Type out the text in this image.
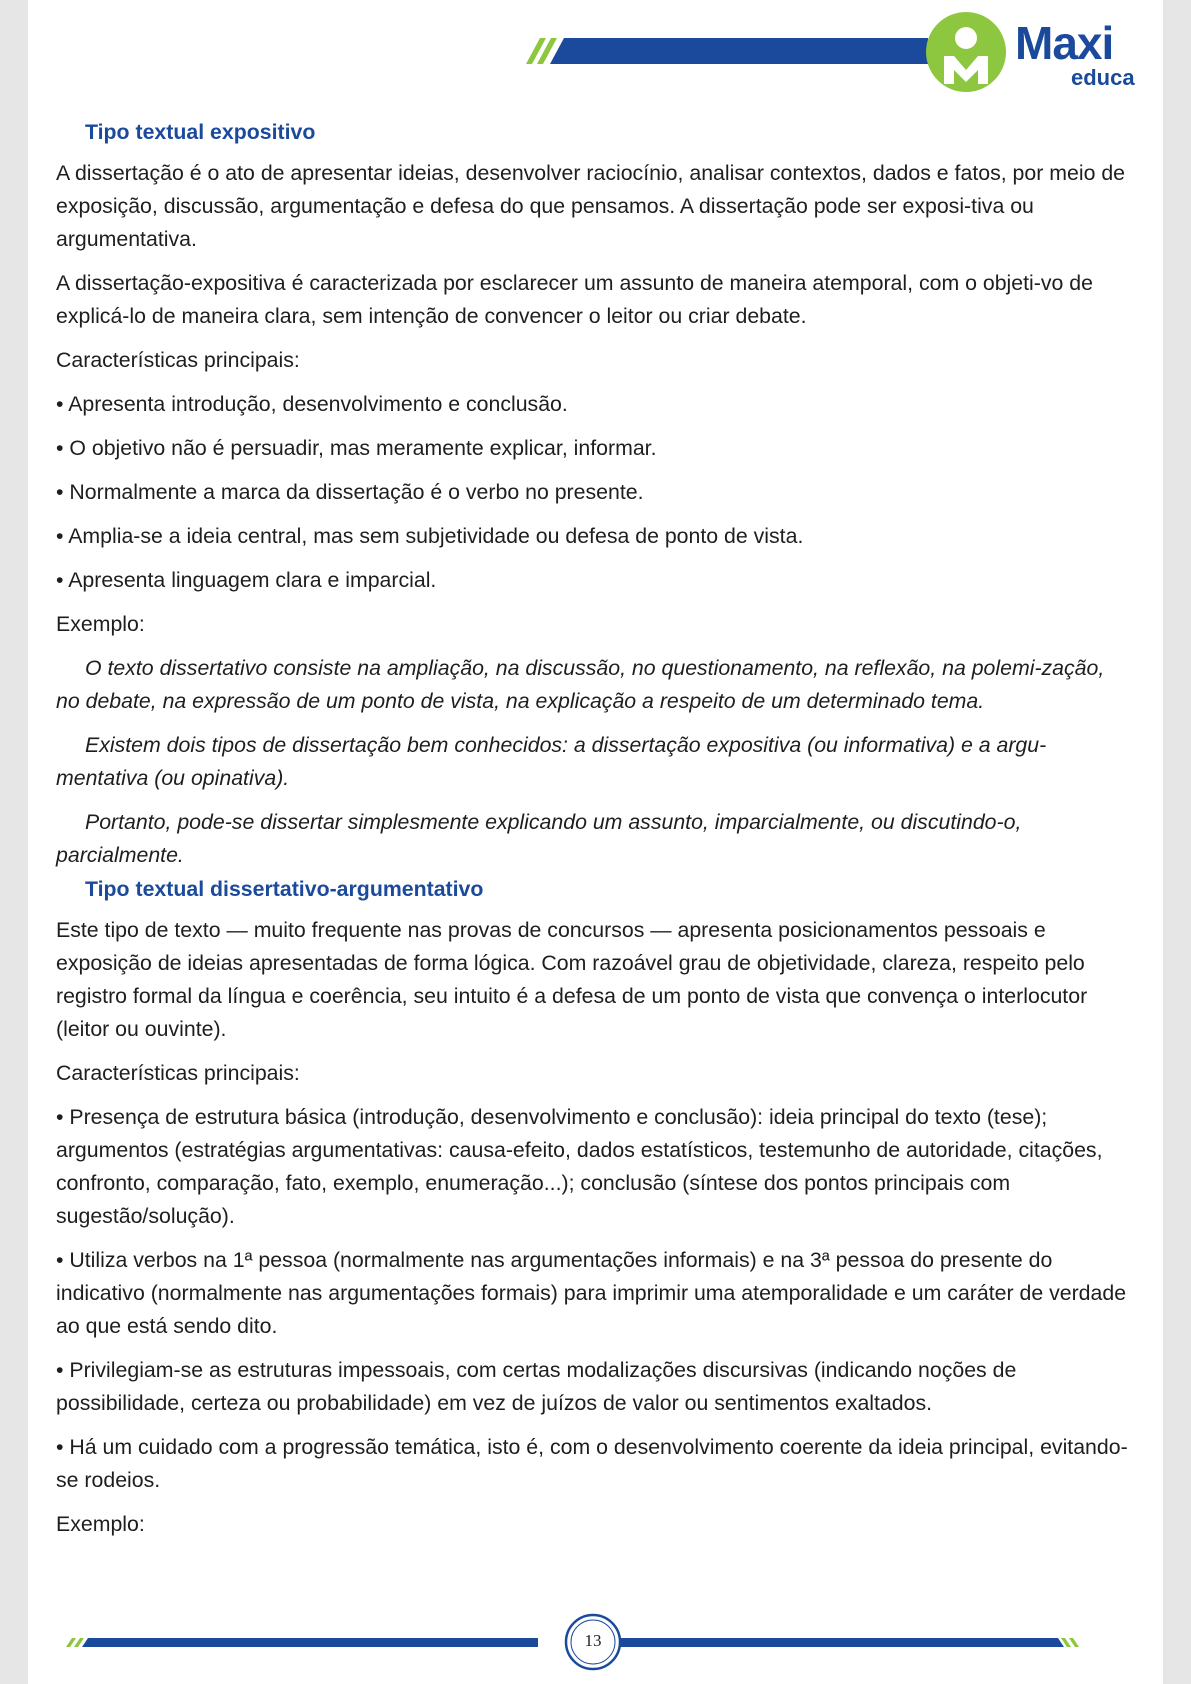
Maxi
educa
Tipo textual expositivo

A dissertação é o ato de apresentar ideias, desenvolver raciocínio, analisar contextos, dados e fatos, por meio de exposição, discussão, argumentação e defesa do que pensamos. A dissertação pode ser exposi-tiva ou argumentativa.

A dissertação-expositiva é caracterizada por esclarecer um assunto de maneira atemporal, com o objeti-vo de explicá-lo de maneira clara, sem intenção de convencer o leitor ou criar debate.

Características principais:

• Apresenta introdução, desenvolvimento e conclusão.

• O objetivo não é persuadir, mas meramente explicar, informar.

• Normalmente a marca da dissertação é o verbo no presente.

• Amplia-se a ideia central, mas sem subjetividade ou defesa de ponto de vista.

• Apresenta linguagem clara e imparcial.

Exemplo:

O texto dissertativo consiste na ampliação, na discussão, no questionamento, na reflexão, na polemi-zação, no debate, na expressão de um ponto de vista, na explicação a respeito de um determinado tema.

Existem dois tipos de dissertação bem conhecidos: a dissertação expositiva (ou informativa) e a argu-mentativa (ou opinativa).

Portanto, pode-se dissertar simplesmente explicando um assunto, imparcialmente, ou discutindo-o, parcialmente.

Tipo textual dissertativo-argumentativo

Este tipo de texto — muito frequente nas provas de concursos — apresenta posicionamentos pessoais e exposição de ideias apresentadas de forma lógica. Com razoável grau de objetividade, clareza, respeito pelo registro formal da língua e coerência, seu intuito é a defesa de um ponto de vista que convença o interlocutor (leitor ou ouvinte).

Características principais:

• Presença de estrutura básica (introdução, desenvolvimento e conclusão): ideia principal do texto (tese); argumentos (estratégias argumentativas: causa-efeito, dados estatísticos, testemunho de autoridade, citações, confronto, comparação, fato, exemplo, enumeração...); conclusão (síntese dos pontos principais com sugestão/solução).

• Utiliza verbos na 1ª pessoa (normalmente nas argumentações informais) e na 3ª pessoa do presente do indicativo (normalmente nas argumentações formais) para imprimir uma atemporalidade e um caráter de verdade ao que está sendo dito.

• Privilegiam-se as estruturas impessoais, com certas modalizações discursivas (indicando noções de possibilidade, certeza ou probabilidade) em vez de juízos de valor ou sentimentos exaltados.

• Há um cuidado com a progressão temática, isto é, com o desenvolvimento coerente da ideia principal, evitando-se rodeios.

Exemplo:

13
